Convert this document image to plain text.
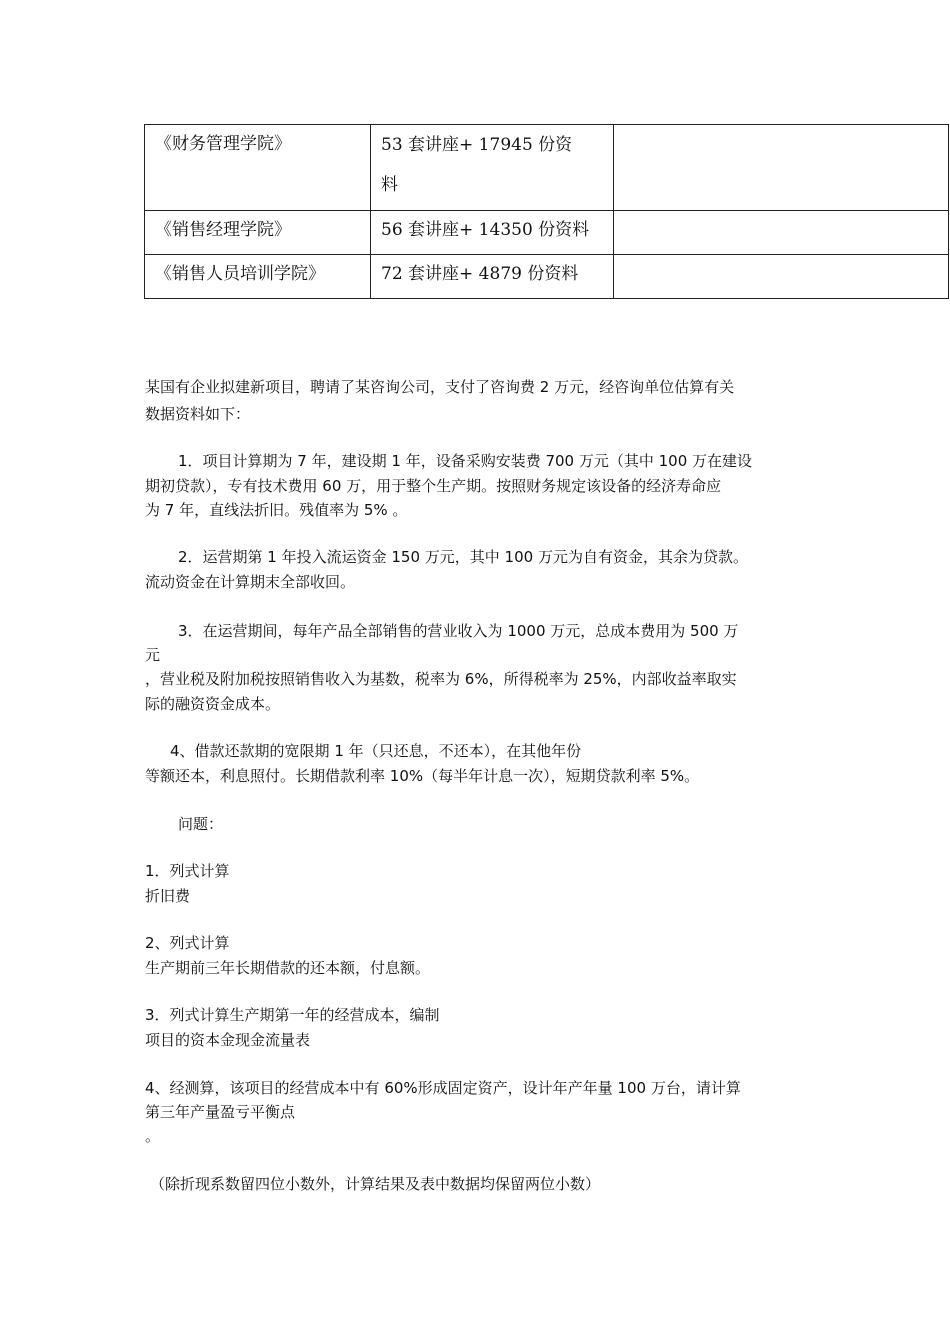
《财务管理学院》	53 套讲座+ 17945 份资
料	
《销售经理学院》	56 套讲座+ 14350 份资料	
《销售人员培训学院》	72 套讲座+ 4879 份资料	
某国有企业拟建新项目，聘请了某咨询公司，支付了咨询费 2 万元，经咨询单位估算有关
数据资料如下：
1．项目计算期为 7 年，建设期 1 年，设备采购安装费 700 万元（其中 100 万在建设
期初贷款），专有技术费用 60 万，用于整个生产期。按照财务规定该设备的经济寿命应
为 7 年，直线法折旧。残值率为 5% 。
2．运营期第 1 年投入流运资金 150 万元，其中 100 万元为自有资金，其余为贷款。
流动资金在计算期末全部收回。
3．在运营期间，每年产品全部销售的营业收入为 1000 万元，总成本费用为 500 万
元
，营业税及附加税按照销售收入为基数，税率为 6%，所得税率为 25%，内部收益率取实
际的融资资金成本。
4、借款还款期的宽限期 1 年（只还息，不还本），在其他年份
等额还本，利息照付。长期借款利率 10%（每半年计息一次），短期贷款利率 5%。
问题：
1．列式计算
折旧费
2、列式计算
生产期前三年长期借款的还本额，付息额。
3．列式计算生产期第一年的经营成本，编制
项目的资本金现金流量表
4、经测算，该项目的经营成本中有 60%形成固定资产，设计年产年量 100 万台，请计算
第三年产量盈亏平衡点
。
（除折现系数留四位小数外，计算结果及表中数据均保留两位小数）
